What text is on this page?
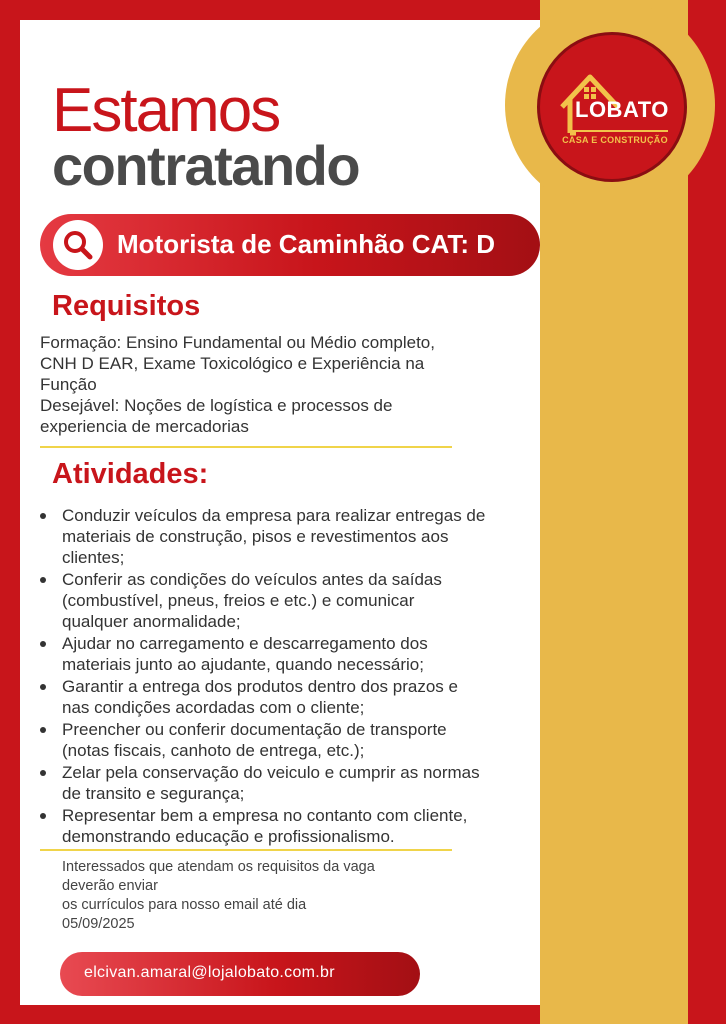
LOBATO
CASA E CONSTRUÇÃO
Estamos
contratando
Motorista de Caminhão CAT: D
Requisitos
Formação: Ensino Fundamental ou Médio completo,
CNH D EAR, Exame Toxicológico e Experiência na
Função
Desejável: Noções de logística e processos de
experiencia de mercadorias
Atividades:
Conduzir veículos da empresa para realizar entregas de
materiais de construção, pisos e revestimentos aos
clientes;
Conferir as condições do veículos antes da saídas
(combustível, pneus, freios e etc.) e comunicar
qualquer anormalidade;
Ajudar no carregamento e descarregamento dos
materiais junto ao ajudante, quando necessário;
Garantir a entrega dos produtos dentro dos prazos e
nas condições acordadas com o cliente;
Preencher ou conferir documentação de transporte
(notas fiscais, canhoto de entrega, etc.);
Zelar pela conservação do veiculo e cumprir as normas
de transito e segurança;
Representar bem a empresa no contanto com cliente,
demonstrando educação e profissionalismo.
Interessados que atendam os requisitos da vaga
deverão enviar
os currículos para nosso email até dia
05/09/2025
elcivan.amaral@lojalobato.com.br
